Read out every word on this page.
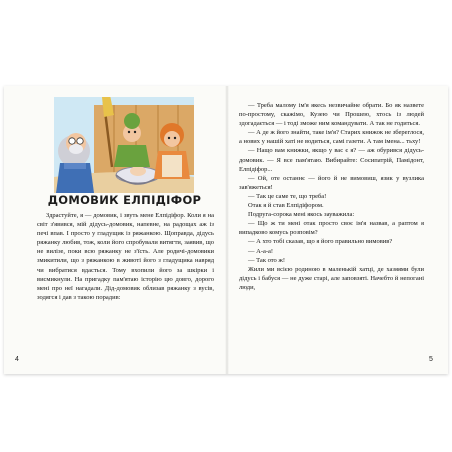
ДОМОВИК ЕЛПІДІФОР

Здрастуйте, я — домовик, і звуть мене Елпідіфор. Коли я на світ з'явився, мій дідусь-домовик, напевне, на радощах аж із печі впав. І просто у гладущик із ряжанкою. Щоправда, дідусь ряжанку любив, тож, коли його спробували витягти, заявив, що не вилізе, поки всю ряжанку не з'їсть. Але родичі-домовики змикитили, що з ряжанкою в животі його з гладущика навряд чи вибратися вдасться. Тому вхопили його за шкірки і висмикнули. На пригадку пам'ятаю історію цю довго, дорого мені про неї нагадали. Дід-домовик облизав ряжанку з вусів, зодягся і дав з такою порадив:

4

— Треба малому ім'я якесь незвичайне обрати. Бо як назвете по-простому, скажімо, Кузею чи Прошею, хтось із людей здогадається — і тоді зможе ним командувати. А так не годиться.

— А де ж його знайти, таке ім'я? Старих книжок не збереглося, а нових у нашій хаті не водиться, самі газети. А там імена... тьху!

— Нащо вам книжки, якщо у вас є я? — аж обурився дідусь-домовик. — Я все пам'ятаю. Вибирайте: Сосипатрій, Памідонт, Елпідіфор...

— Ой, оте останнє — його й не вимовиш, язик у вузлика зав'яжеться!

— Так це саме те, що треба!

Отак я й став Елпідіфором.

Подруга-сорока мені якось зауважила:

— Що ж ти мені отак просто своє ім'я назвав, а раптом я випадково комусь розповім?

— А хто тобі сказав, що я його правильно вимовив?

— А-а-а!

— Так ото ж!

Жили ми всією родиною в маленькій хатці, де хазяями були дідусь і бабуся — не дуже старі, але заповзяті. Начебто й непогані люди,

5
